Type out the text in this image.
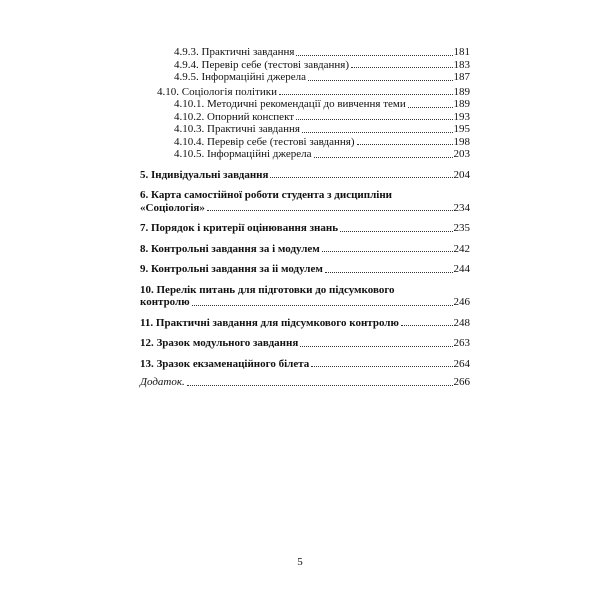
4.9.3. Практичні завдання	181
4.9.4. Перевір себе (тестові завдання)	183
4.9.5. Інформаційні джерела	187
4.10. Соціологія політики	189
4.10.1. Методичні рекомендації до вивчення теми	189
4.10.2. Опорний конспект	193
4.10.3. Практичні завдання	195
4.10.4. Перевір себе (тестові завдання)	198
4.10.5. Інформаційні джерела	203
5. Індивідуальні завдання	204
6. Карта самостійної роботи студента з дисципліни
«Соціологія»	234
7. Порядок і критерії оцінювання знань	235
8. Контрольні завдання за і модулем	242
9. Контрольні завдання за іі модулем	244
10. Перелік питань для підготовки до підсумкового
контролю	246
11. Практичні завдання для підсумкового контролю	248
12. Зразок модульного завдання	263
13. Зразок екзаменаційного білета	264
Додаток.	266
5
